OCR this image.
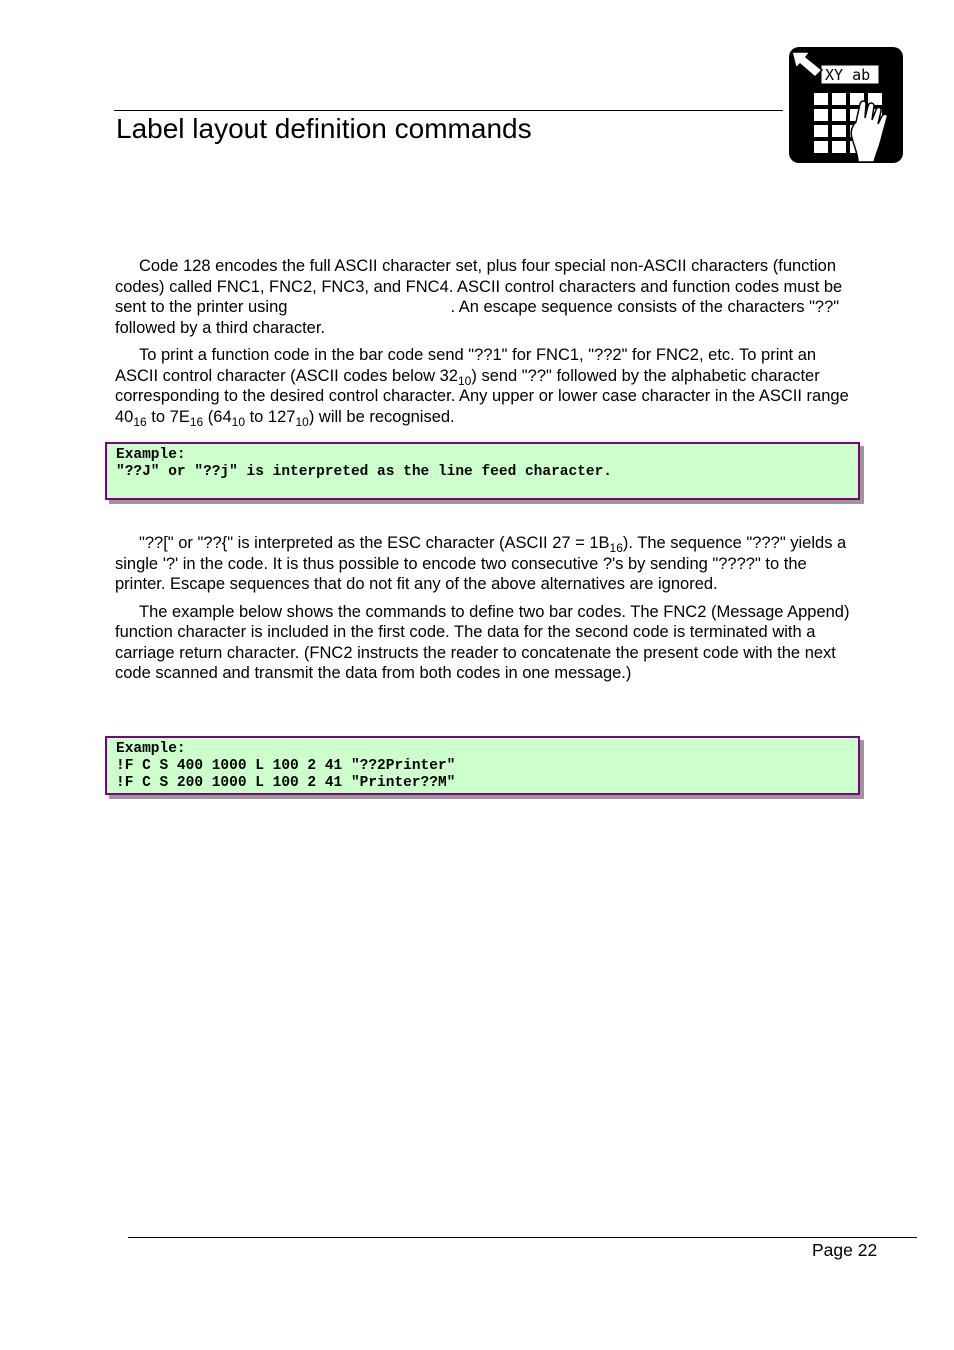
Label layout definition commands
XY ab

Code 128 encodes the full ASCII character set, plus four special non-ASCII characters (function codes) called FNC1, FNC2, FNC3, and FNC4. ASCII control characters and function codes must be sent to the printer using	. An escape sequence consists of the characters "??" followed by a third character.

To print a function code in the bar code send "??1" for FNC1, "??2" for FNC2, etc. To print an ASCII control character (ASCII codes below $32_{10}$) send "??" followed by the alphabetic character corresponding to the desired control character. Any upper or lower case character in the ASCII range $40_{16}$ to $7E_{16}$ ($64_{10}$ to $127_{10}$) will be recognised.

Example:
"??J" or "??j" is interpreted as the line feed character.

"??[" or "??{" is interpreted as the ESC character (ASCII $27 = 1B_{16}$). The sequence "???" yields a single '?' in the code. It is thus possible to encode two consecutive ?'s by sending "????" to the printer. Escape sequences that do not fit any of the above alternatives are ignored.

The example below shows the commands to define two bar codes. The FNC2 (Message Append) function character is included in the first code. The data for the second code is terminated with a carriage return character. (FNC2 instructs the reader to concatenate the present code with the next code scanned and transmit the data from both codes in one message.)

Example:
!F C S 400 1000 L 100 2 41 "??2Printer"
!F C S 200 1000 L 100 2 41 "Printer??M"
Page 22
